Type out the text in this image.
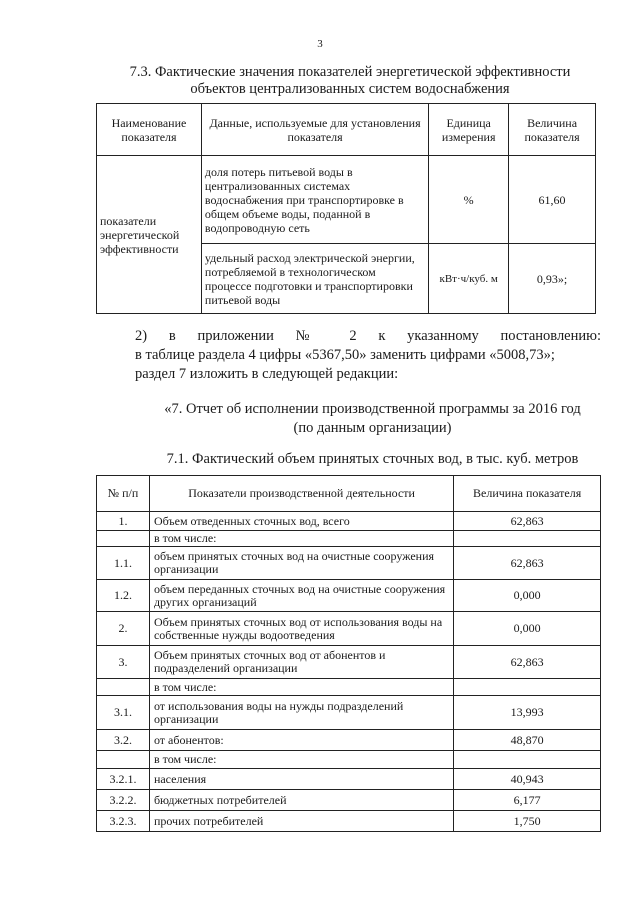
3
7.3. Фактические значения показателей энергетической эффективности
объектов централизованных систем водоснабжения
Наименование показателя	Данные, используемые для установления показателя	Единица измерения	Величина показателя
показатели энергетической эффективности	доля потерь питьевой воды в централизованных системах водоснабжения при транспортировке в общем объеме воды, поданной в водопроводную сеть	%	61,60
	удельный расход электрической энергии, потребляемой в технологическом процессе подготовки и транспортировки питьевой воды	кВт·ч/куб. м	0,93»;
2) в приложении № 2 к указанному постановлению:
в таблице раздела 4 цифры «5367,50» заменить цифрами «5008,73»;
раздел 7 изложить в следующей редакции:
«7. Отчет об исполнении производственной программы за 2016 год
(по данным организации)
7.1. Фактический объем принятых сточных вод, в тыс. куб. метров
№ п/п	Показатели производственной деятельности	Величина показателя
1.	Объем отведенных сточных вод, всего	62,863
	в том числе:	
1.1.	объем принятых сточных вод на очистные сооружения организации	62,863
1.2.	объем переданных сточных вод на очистные сооружения других организаций	0,000
2.	Объем принятых сточных вод от использования воды на собственные нужды водоотведения	0,000
3.	Объем принятых сточных вод от абонентов и подразделений организации	62,863
	в том числе:	
3.1.	от использования воды на нужды подразделений организации	13,993
3.2.	от абонентов:	48,870
	в том числе:	
3.2.1.	населения	40,943
3.2.2.	бюджетных потребителей	6,177
3.2.3.	прочих потребителей	1,750
